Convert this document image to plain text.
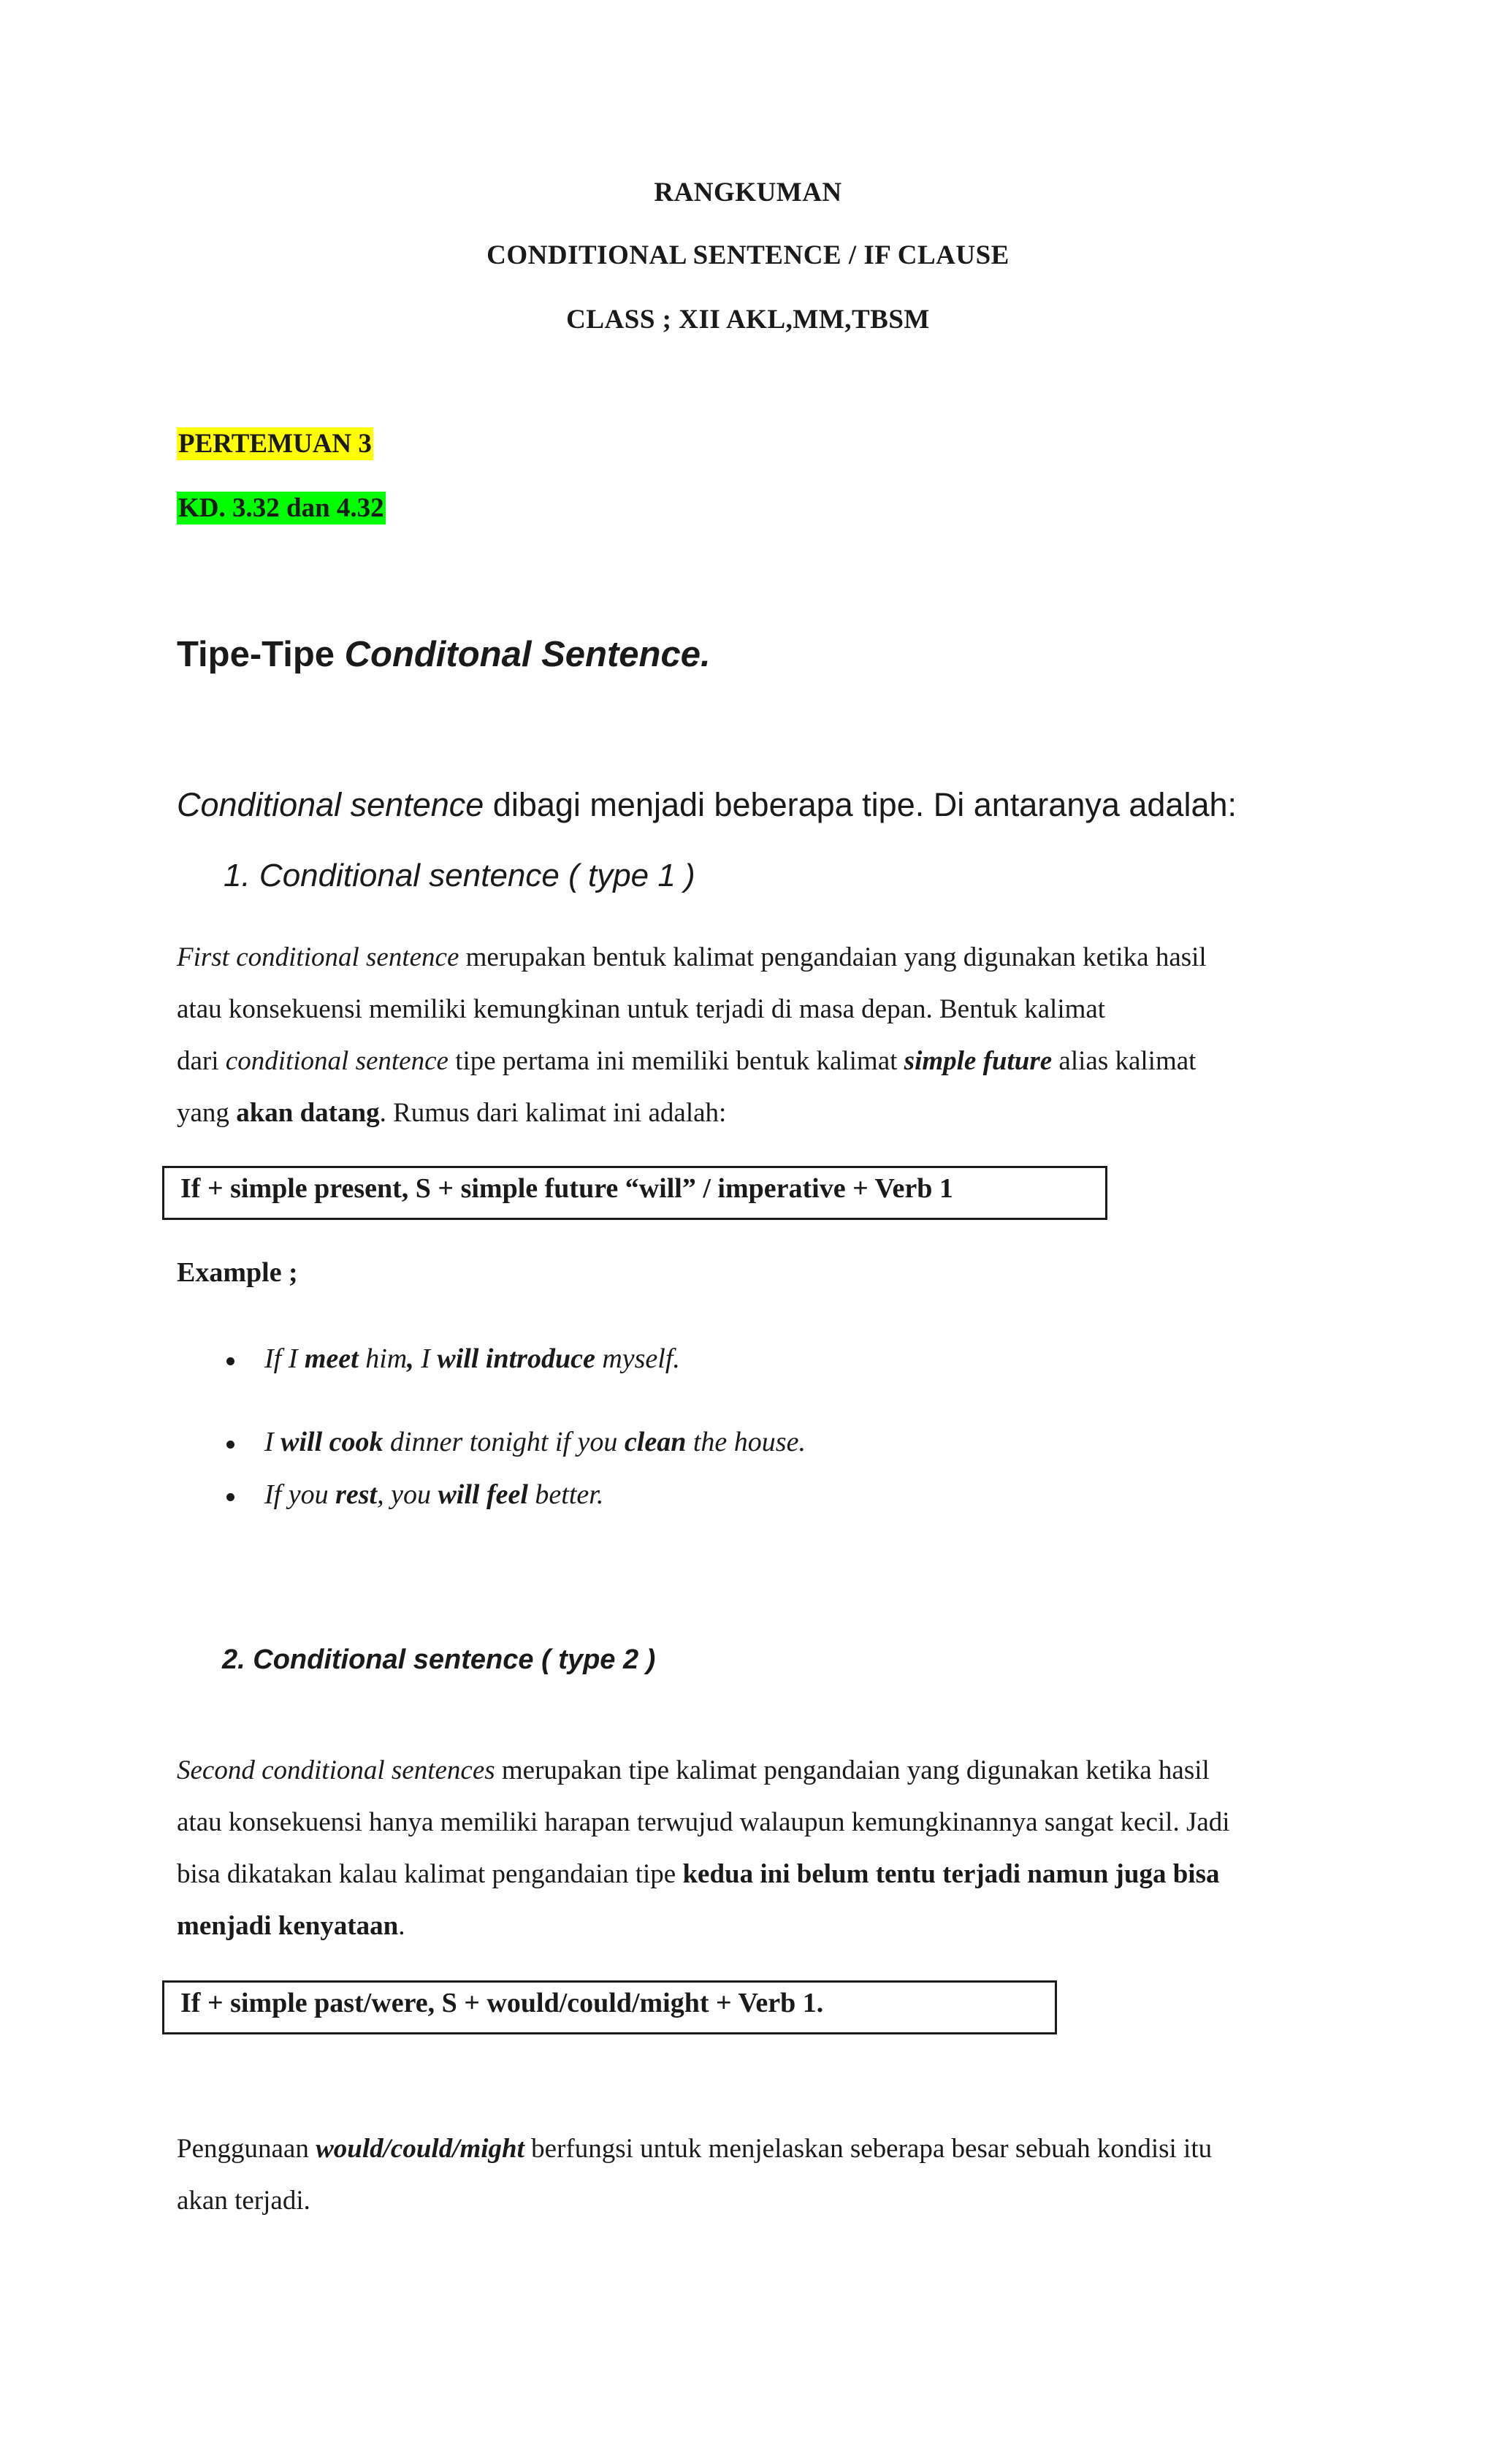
RANGKUMAN
CONDITIONAL SENTENCE / IF CLAUSE
CLASS ; XII AKL,MM,TBSM
PERTEMUAN 3
KD. 3.32 dan 4.32
Tipe-Tipe Conditonal Sentence.
Conditional sentence dibagi menjadi beberapa tipe. Di antaranya adalah:
1. Conditional sentence ( type 1 )
First conditional sentence merupakan bentuk kalimat pengandaian yang digunakan ketika hasil
atau konsekuensi memiliki kemungkinan untuk terjadi di masa depan. Bentuk kalimat
dari conditional sentence tipe pertama ini memiliki bentuk kalimat simple future alias kalimat
yang akan datang. Rumus dari kalimat ini adalah:
If + simple present, S + simple future “will” / imperative + Verb 1
Example ;
If I meet him, I will introduce myself.
I will cook dinner tonight if you clean the house.
If you rest, you will feel better.
2. Conditional sentence ( type 2 )
Second conditional sentences merupakan tipe kalimat pengandaian yang digunakan ketika hasil
atau konsekuensi hanya memiliki harapan terwujud walaupun kemungkinannya sangat kecil. Jadi
bisa dikatakan kalau kalimat pengandaian tipe kedua ini belum tentu terjadi namun juga bisa
menjadi kenyataan.
If + simple past/were, S + would/could/might + Verb 1.
Penggunaan would/could/might berfungsi untuk menjelaskan seberapa besar sebuah kondisi itu
akan terjadi.
